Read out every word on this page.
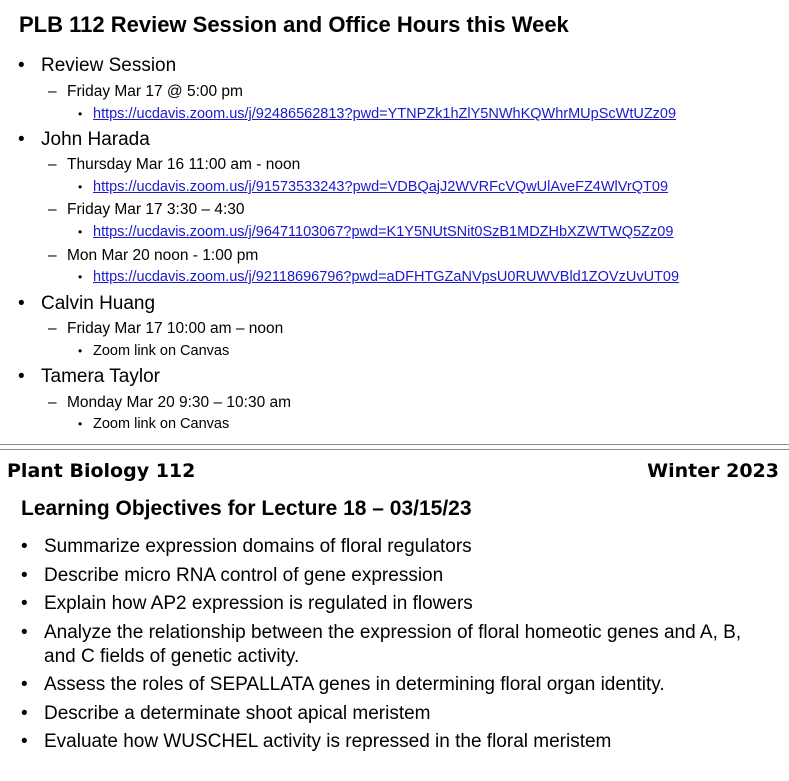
PLB 112 Review Session and Office Hours this Week
• Review Session
– Friday Mar 17 @ 5:00 pm
• https://ucdavis.zoom.us/j/92486562813?pwd=YTNPZk1hZlY5NWhKQWhrMUpScWtUZz09
• John Harada
– Thursday Mar 16 11:00 am - noon
• https://ucdavis.zoom.us/j/91573533243?pwd=VDBQajJ2WVRFcVQwUlAveFZ4WlVrQT09
– Friday Mar 17 3:30 – 4:30
• https://ucdavis.zoom.us/j/96471103067?pwd=K1Y5NUtSNit0SzB1MDZHbXZWTWQ5Zz09
– Mon Mar 20 noon - 1:00 pm
• https://ucdavis.zoom.us/j/92118696796?pwd=aDFHTGZaNVpsU0RUWVBld1ZOVzUvUT09
• Calvin Huang
– Friday Mar 17 10:00 am – noon
• Zoom link on Canvas
• Tamera Taylor
– Monday Mar 20 9:30 – 10:30 am
• Zoom link on Canvas
Plant Biology 112	Winter 2023
Learning Objectives for Lecture 18 – 03/15/23
• Summarize expression domains of floral regulators
• Describe micro RNA control of gene expression
• Explain how AP2 expression is regulated in flowers
• Analyze the relationship between the expression of floral homeotic genes and A, B, and C fields of genetic activity.
• Assess the roles of SEPALLATA genes in determining floral organ identity.
• Describe a determinate shoot apical meristem
• Evaluate how WUSCHEL activity is repressed in the floral meristem
